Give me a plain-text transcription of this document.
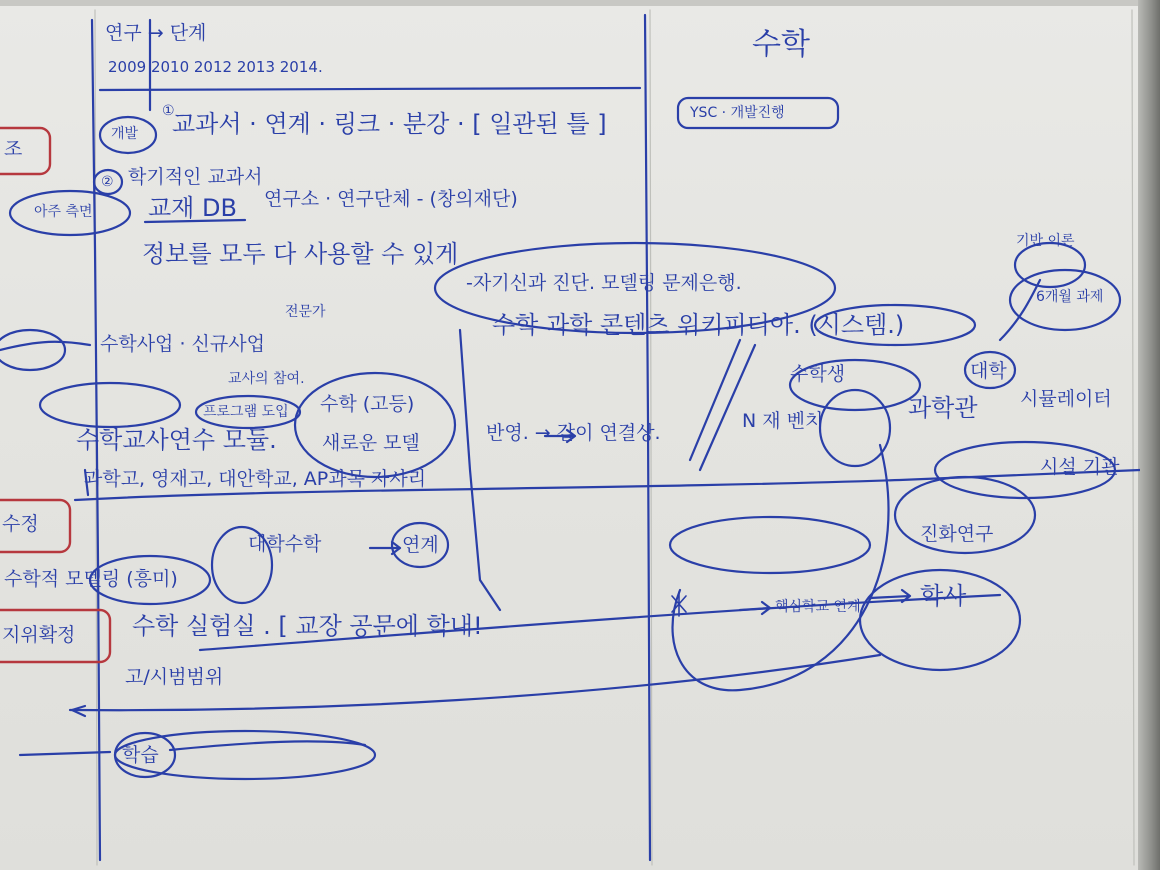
연구 → 단계
2009 2010 2012 2013 2014.
수학
①
개발 교과서 · 연계 · 링크 · 분강 · [ 일관된 틀 ]
② 학기적인 교과서
아주 측면 교재 DB 연구소 · 연구단체 - (창의재단)
정보를 모두 다 사용할 수 있게
-자기신과 진단. 모델링 문제은행.
수학 과학 콘텐츠 위키피디아. (시스템.)
전문가
수학사업 · 신규사업
교사의 참여.
프로그램 도입 수학 (고등)
새로운 모델
수학교사연수 모듈.	반영. → 같이 연결상.
과학고, 영재고, 대안학교, AP과목 자사리
연계
수학적 모델링 (흥미)
수학 실험실 . [ 교장 공문에 학내!
고/시범범위
대학수학
학습
조
수정
지위확정
YSC · 개발진행
수학생
N 재 벤치	과학관 시뮬레이터
대학
시설 기관
진화연구
학사
핵심학교 연계
기반 이론
6개월 과제
